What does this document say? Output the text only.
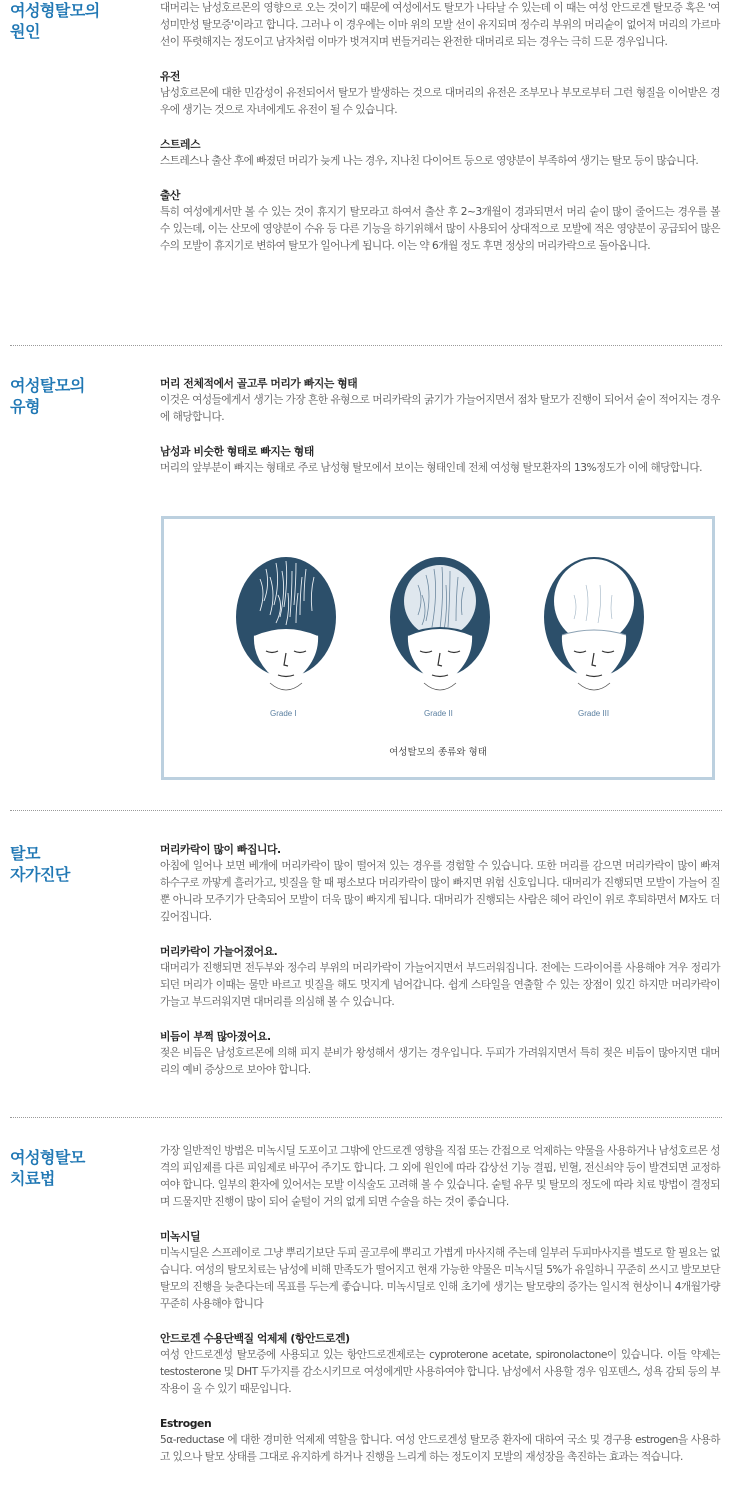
여성형탈모의
원인

대머리는 남성호르몬의 영향으로 오는 것이기 때문에 여성에서도 탈모가 나타날 수 있는데 이 때는 여성 안드로겐 탈모증 혹은 '여성미만성 탈모증'이라고 합니다. 그러나 이 경우에는 이마 위의 모발 선이 유지되며 정수리 부위의 머리숱이 없어져 머리의 가르마 선이 뚜렷해지는 정도이고 남자처럼 이마가 벗겨지며 번들거리는 완전한 대머리로 되는 경우는 극히 드문 경우입니다.

유전

남성호르몬에 대한 민감성이 유전되어서 탈모가 발생하는 것으로 대머리의 유전은 조부모나 부모로부터 그런 형질을 이어받은 경우에 생기는 것으로 자녀에게도 유전이 될 수 있습니다.

스트레스

스트레스나 출산 후에 빠졌던 머리가 늦게 나는 경우, 지나친 다이어트 등으로 영양분이 부족하여 생기는 탈모 등이 많습니다.

출산

특히 여성에게서만 볼 수 있는 것이 휴지기 탈모라고 하여서 출산 후 2~3개월이 경과되면서 머리 숱이 많이 줄어드는 경우를 볼 수 있는데, 이는 산모에 영양분이 수유 등 다른 기능을 하기위해서 많이 사용되어 상대적으로 모발에 적은 영양분이 공급되어 많은 수의 모발이 휴지기로 변하여 탈모가 일어나게 됩니다. 이는 약 6개월 정도 후면 정상의 머리카락으로 돌아옵니다.

여성탈모의
유형

머리 전체적에서 골고루 머리가 빠지는 형태

이것은 여성들에게서 생기는 가장 흔한 유형으로 머리카락의 굵기가 가늘어지면서 점차 탈모가 진행이 되어서 숱이 적어지는 경우에 해당합니다.

남성과 비슷한 형태로 빠지는 형태

머리의 앞부분이 빠지는 형태로 주로 남성형 탈모에서 보이는 형태인데 전체 여성형 탈모환자의 13%정도가 이에 해당합니다.

Grade I	Grade II	Grade III
여성탈모의 종류와 형태
탈모
자가진단

머리카락이 많이 빠집니다.

아침에 일어나 보면 베개에 머리카락이 많이 떨어져 있는 경우를 경험할 수 있습니다. 또한 머리를 감으면 머리카락이 많이 빠져 하수구로 까맣게 흘러가고, 빗질을 할 때 평소보다 머리카락이 많이 빠지면 위험 신호입니다. 대머리가 진행되면 모발이 가늘어 질 뿐 아니라 모주기가 단축되어 모발이 더욱 많이 빠지게 됩니다. 대머리가 진행되는 사람은 헤어 라인이 위로 후퇴하면서 M자도 더 깊어집니다.

머리카락이 가늘어졌어요.

대머리가 진행되면 전두부와 정수리 부위의 머리카락이 가늘어지면서 부드러워집니다. 전에는 드라이어를 사용해야 겨우 정리가 되던 머리가 이때는 물만 바르고 빗질을 해도 멋지게 넘어갑니다. 쉽게 스타일을 연출할 수 있는 장점이 있긴 하지만 머리카락이 가늘고 부드러워지면 대머리를 의심해 볼 수 있습니다.

비듬이 부쩍 많아졌어요.

젖은 비듬은 남성호르몬에 의해 피지 분비가 왕성해서 생기는 경우입니다. 두피가 가려워지면서 특히 젖은 비듬이 많아지면 대머리의 예비 증상으로 보아야 합니다.

여성형탈모
치료법

가장 일반적인 방법은 미녹시딜 도포이고 그밖에 안드로겐 영향을 직접 또는 간접으로 억제하는 약물을 사용하거나 남성호르몬 성격의 피임제를 다른 피임제로 바꾸어 주기도 합니다. 그 외에 원인에 따라 갑상선 기능 결핍, 빈혈, 전신쇠약 등이 발견되면 교정하여야 합니다. 일부의 환자에 있어서는 모발 이식술도 고려해 볼 수 있습니다. 숱털 유무 및 탈모의 정도에 따라 치료 방법이 결정되며 드물지만 진행이 많이 되어 숱털이 거의 없게 되면 수술을 하는 것이 좋습니다.

미녹시딜

미녹시딜은 스프레이로 그냥 뿌리기보단 두피 골고루에 뿌리고 가볍게 마사지해 주는데 일부러 두피마사지를 별도로 할 필요는 없습니다. 여성의 탈모치료는 남성에 비해 만족도가 떨어지고 현재 가능한 약물은 미녹시딜 5%가 유일하니 꾸준히 쓰시고 발모보단 탈모의 진행을 늦춘다는데 목표를 두는게 좋습니다. 미녹시딜로 인해 초기에 생기는 탈모량의 증가는 일시적 현상이니 4개월가량 꾸준히 사용해야 합니다

안드로겐 수용단백질 억제제 (항안드로겐)

여성 안드로겐성 탈모증에 사용되고 있는 항안드로겐제로는 cyproterone acetate, spironolactone이 있습니다. 이들 약제는 testosterone 및 DHT 두가지를 감소시키므로 여성에게만 사용하여야 합니다. 남성에서 사용할 경우 임포텐스, 성욕 감퇴 등의 부작용이 올 수 있기 때문입니다.

Estrogen

5α-reductase 에 대한 경미한 억제제 역할을 합니다. 여성 안드로겐성 탈모증 환자에 대하여 국소 및 경구용 estrogen을 사용하고 있으나 탈모 상태를 그대로 유지하게 하거나 진행을 느리게 하는 정도이지 모발의 재성장을 촉진하는 효과는 적습니다.
